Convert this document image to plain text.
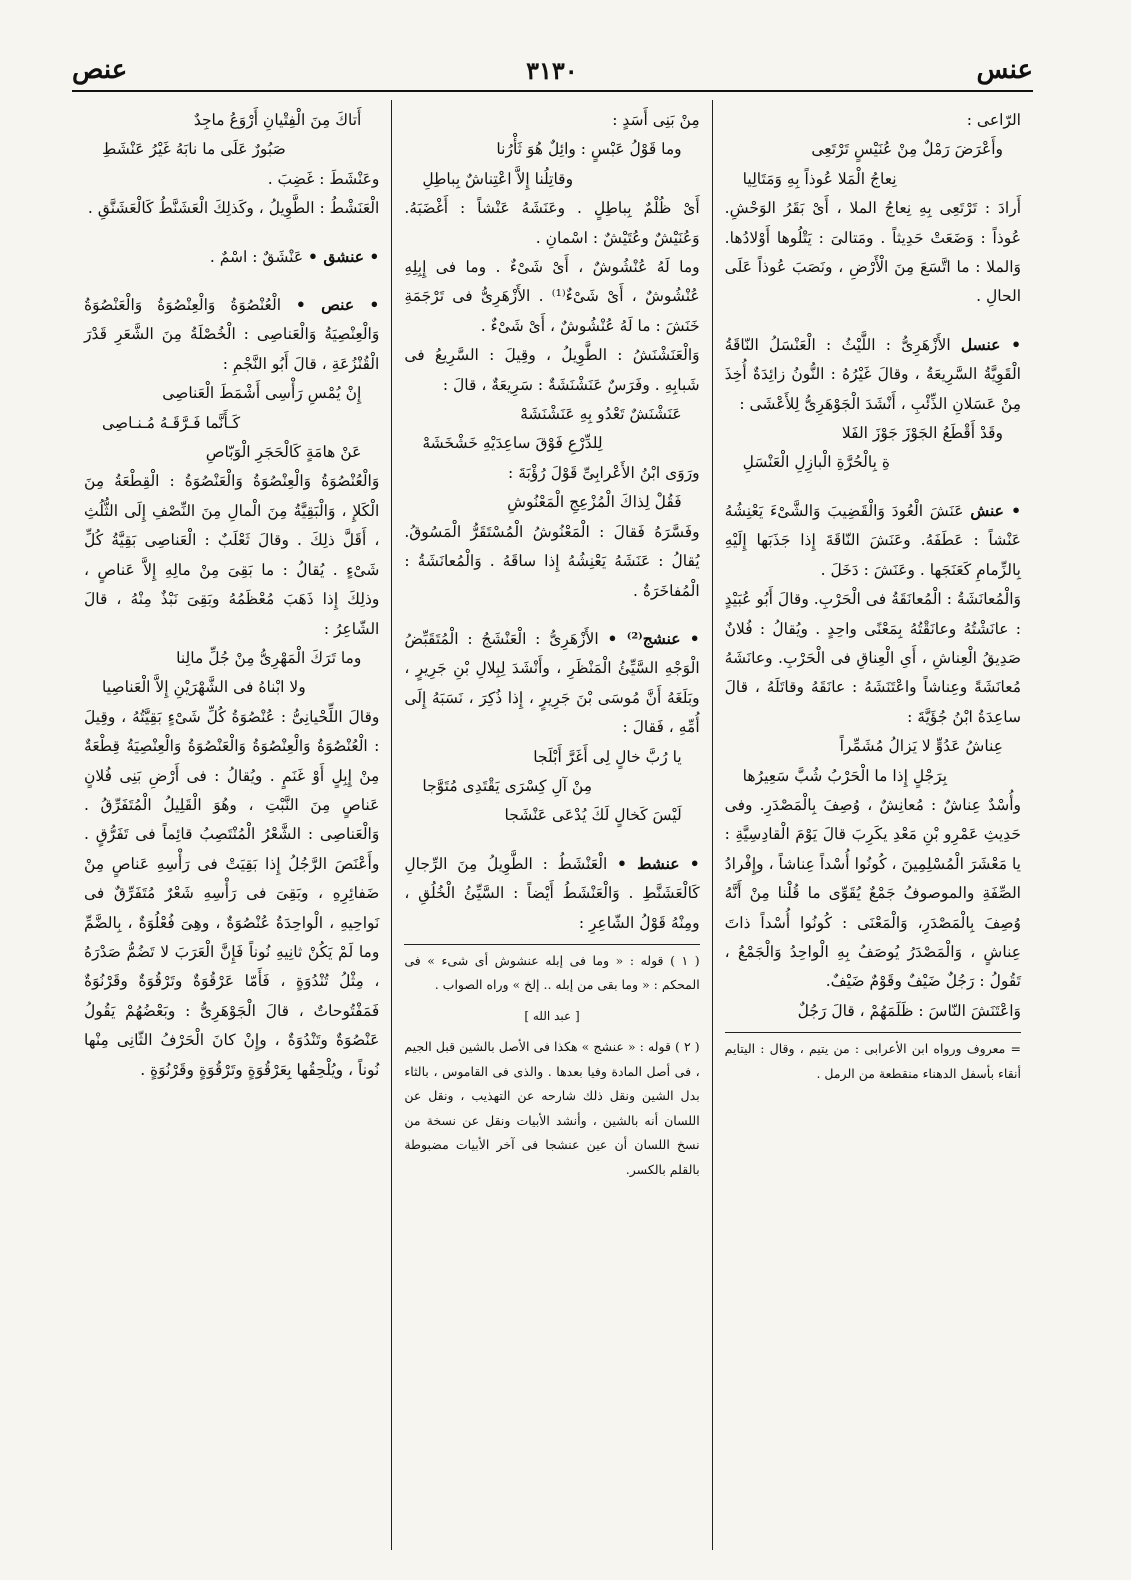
عنس
٣١٣٠
عنص

الرّاعى :

وأَعْرَضَ رَمْلٌ مِنْ عُنَيْسٍ تَرْتَعِى

نِعاجُ الْمَلا عُوذاً بِهِ وَمَتَالِيا

أَرادَ : تَرْتَعِى بِهِ نِعاجُ الملا ، أَىْ بَقَرُ الوَحْشِ. عُوذاً : وَضَعَتْ حَدِيثاً . ومَتالىَ : يَتْلُوها أَوْلادُها. وَالملا : ما اتَّسَعَ مِنَ الْأَرْضِ ، ونَصَبَ عُوذاً عَلَى الحالِ .

• عنسل الأَزْهَرِىُّ : اللَّيْثُ : الْعَنْسَلُ النّاقَةُ الْقَوِيَّةُ السَّرِيعَةُ ، وقالَ غَيْرُهُ : النُّونُ زائِدَةٌ أُخِذَ مِنْ عَسَلانِ الذِّئْبِ ، أَنْشَدَ الْجَوْهَرِىُّ لِلأَعْشَى :

وقَدْ أَقْطَعُ الجَوْزَ جَوْزَ الفَلا

ةِ بِالْحُرَّةِ الْبازِلِ الْعَنْسَلِ

• عنش عَنَشَ الْعُودَ وَالْقَضِيبَ وَالشَّىْءَ يَعْنِشُهُ عَنْشاً : عَطَفَهُ. وعَنَشَ النّاقَةَ إِذا جَذَبَها إِلَيْهِ بِالزِّمامِ كَعَنَجَها . وعَنَشَ : دَخَلَ .

وَالْمُعانَشَةُ : الْمُعانَقَةُ فى الْحَرْبِ. وقالَ أَبُو عُبَيْدٍ : عانَشْتُهُ وعانَقْتُهُ بِمَعْنًى واحِدٍ . ويُقالُ : فُلانٌ صَدِيقُ الْعِناشِ ، أَىِ الْعِناقِ فى الْحَرْبِ. وعانَشَهُ مُعانَشَةً وعِناشاً واعْتَنَشَهُ : عانَقَهُ وقاتَلَهُ ، قالَ ساعِدَةُ ابْنُ جُؤَيَّةَ :

عِناشُ عَدُوٍّ لا يَزالُ مُشَمِّراً

بِرَجْلٍ إِذا ما الْحَرْبُ شُبَّ سَعِيرُها

وأُسْدٌ عِناشٌ : مُعانِشٌ ، وُصِفَ بِالْمَصْدَرِ. وفى حَدِيثِ عَمْرِو بْنِ مَعْدِ يكَرِبَ قالَ يَوْمَ الْقادِسِيَّةِ : يا مَعْشَرَ الْمُسْلِمِينَ ، كُونُوا أُسْداً عِناشاً ، وإِفْرادُ الصِّفَةِ والموصوفُ جَمْعٌ يُقَوِّى ما قُلْنا مِنْ أَنَّهُ وُصِفَ بِالْمَصْدَرِ، وَالْمَعْنَى : كُونُوا أُسْداً ذاتَ عِناشٍ ، وَالْمَصْدَرُ يُوصَفُ بِهِ الْواحِدُ وَالْجَمْعُ ، تَقُولُ : رَجُلٌ ضَيْفٌ وقَوْمٌ ضَيْفٌ.

وَاعْتَنَشَ النّاسَ : ظَلَمَهُمْ ، قالَ رَجُلٌ

= معروف ورواه ابن الأعرابى : من يتيم ، وقال : اليتايم أنقاء بأسفل الدهناء منقطعة من الرمل .

مِنْ بَنِى أَسَدٍ :

وما قَوْلُ عَبْسٍ : وائِلٌ هُوَ ثَأْرُنا

وقاتِلُنا إِلاَّ اعْتِناشٌ بِباطِلِ

أَىْ ظُلْمٌ بِباطِلٍ . وعَنَشَهُ عَنْشاً : أَغْضَبَهُ. وَعُنَيْشٌ وعُتَيْشٌ : اسْمانِ .

وما لَهُ عُنْشُوشٌ ، أَىْ شَىْءٌ . وما فى إِبِلِهِ عُنْشُوشٌ ، أَىْ شَىْءٌ⁽¹⁾ . الأَزْهَرِىُّ فى تَرْجَمَةِ خَنَشَ : ما لَهُ عُنْشُوشٌ ، أَىْ شَىْءٌ .

وَالْعَنَشْنَشُ : الطَّوِيلُ ، وقِيلَ : السَّرِيعُ فى شَبابِهِ . وفَرَسٌ عَنَشْنَشَةٌ : سَرِيعَةٌ ، قالَ :

عَنَشْنَشٌ تَعْدُو بِهِ عَنَشْنَشَهْ

لِلدِّرْعِ فَوْقَ ساعِدَيْهِ خَشْخَشَهْ

ورَوَى ابْنُ الأَعْرابِىِّ قَوْلَ رُؤْبَةَ :

فَقُلْ لِذاكَ الْمُزْعِجِ الْمَعْنُوشِ

وفَسَّرَهُ فَقالَ : الْمَعْنُوشُ الْمُسْتَقَرُّ الْمَسُوقُ. يُقالُ : عَنَشَهُ يَعْنِشُهُ إِذا ساقَهُ . وَالْمُعانَشَةُ : الْمُفاخَرَةُ .

• عنشج⁽²⁾ • الأَزْهَرِىُّ : الْعَنْشَجُ : الْمُتَقَبِّضُ الْوَجْهِ السَّيِّئُ الْمَنْظَرِ ، وأَنْشَدَ لِبِلالِ بْنِ جَرِيرٍ ، وبَلَغَهُ أَنَّ مُوسَى بْنَ جَرِيرٍ ، إِذا ذُكِرَ ، نَسَبَهُ إِلَى أُمِّهِ ، فَقالَ :

يا رُبَّ خالٍ لِى أَغَرَّ أَبْلَجا

مِنْ آلِ كِسْرَى يَقْتَدِى مُتَوَّجا

لَيْسَ كَخالٍ لَكَ يُدْعَى عَنْشَجا

• عنشط • الْعَنْشَطُ : الطَّوِيلُ مِنَ الرِّجالِ كَالْعَشَنَّطِ . وَالْعَنْشَطُ أَيْضاً : السَّيِّئُ الْخُلُقِ ، ومِنْهُ قَوْلُ الشّاعِرِ :

( ١ ) قوله : « وما فى إبله عنشوش أى شىء » فى المحكم : « وما بقى من إبله .. إلخ » وراه الصواب .
[ عبد الله ]
( ٢ ) قوله : « عنشج » هكذا فى الأصل بالشين قبل الجيم ، فى أصل المادة وفيا بعدها . والذى فى القاموس ، بالثاء بدل الشين ونقل ذلك شارحه عن التهذيب ، ونقل عن اللسان أنه بالشين ، وأنشد الأبيات ونقل عن نسخة من نسخ اللسان أن عين عنشجا فى آخر الأبيات مضبوطة بالقلم بالكسر.

أَتاكَ مِنَ الْفِتْيانِ أَرْوَعُ ماجِدٌ

صَبُورٌ عَلَى ما نابَهُ غَيْرُ عَنْشَطِ

وعَنْشَطَ : غَضِبَ .

الْعَنَشْطُ : الطَّوِيلُ ، وكَذلِكَ الْعَشَنَّطُ كَالْعَشَنَّقِ .

• عنشق • عَنْشَقٌ : اسْمٌ .

• عنص • الْعُنْصُوَةُ وَالْعِنْصُوَةُ وَالْعَنْصُوَةُ وَالْعِنْصِيَةُ وَالْعَناصِى : الْخُصْلَةُ مِنَ الشَّعَرِ قَدْرَ الْقُنْزُعَةِ ، قالَ أَبُو النَّجْمِ :

إِنْ يُمْسِ رَأْسِى أَشْمَطَ الْعَناصِى

كَـأَنَّما فَـرَّقَـهُ مُـنـاصِى

عَنْ هامَةٍ كَالْحَجَرِ الْوَبّاصِ

وَالْعُنْصُوَةُ وَالْعِنْصُوَةُ وَالْعَنْصُوَةُ : الْقِطْعَةُ مِنَ الْكَلإِ ، وَالْبَقِيَّةُ مِنَ الْمالِ مِنَ النِّصْفِ إِلَى الثُّلُثِ ، أَقَلَّ ذلِكَ . وقالَ ثَعْلَبٌ : الْعَناصِى بَقِيَّةُ كُلِّ شَىْءٍ . يُقالُ : ما بَقِىَ مِنْ مالِهِ إِلاَّ عَناصٍ ، وذلِكَ إِذا ذَهَبَ مُعْظَمُهُ وبَقِىَ نَبْذٌ مِنْهُ ، قالَ الشّاعِرُ :

وما تَرَكَ الْمَهْرِىُّ مِنْ جُلِّ مالِنا

ولا ابْناهُ فى الشَّهْرَيْنِ إِلاَّ الْعَناصِيا

وقالَ اللِّحْيانِىُّ : عُنْصُوَةُ كُلِّ شَىْءٍ بَقِيَّتُهُ ، وقِيلَ : الْعُنْصُوَةُ وَالْعِنْصُوَةُ وَالْعَنْصُوَةُ وَالْعِنْصِيَةُ قِطْعَةٌ مِنْ إِبِلٍ أَوْ غَنَمٍ . ويُقالُ : فى أَرْضِ بَنِى فُلانٍ عَناصٍ مِنَ النَّبْتِ ، وهُوَ الْقَلِيلُ الْمُتَفَرِّقُ . وَالْعَناصِى : الشَّعْرُ الْمُنْتَصِبُ قائِماً فى تَفَرُّقٍ . وأَعْنَصَ الرَّجُلُ إِذا بَقِيَتْ فى رَأْسِهِ عَناصٍ مِنْ ضَفائِرِهِ ، وبَقِىَ فى رَأْسِهِ شَعْرٌ مُتَفَرِّقٌ فى نَواحِيهِ ، الْواحِدَةُ عُنْصُوَةٌ ، وهِىَ فُعْلُوَةٌ ، بِالضَّمِّ وما لَمْ يَكُنْ ثانِيهِ نُوناً فَإِنَّ الْعَرَبَ لا تَضُمُّ صَدْرَهُ ، مِثْلُ تُنْدُوَةٍ ، فَأَمّا عَرْقُوَةٌ وتَرْقُوَةٌ وقَرْنُوَةٌ فَمَفْتُوحاتٌ ، قالَ الْجَوْهَرِىُّ : وبَعْضُهُمْ يَقُولُ عَنْصُوَةٌ وتَنْدُوَةٌ ، وإِنْ كانَ الْحَرْفُ الثّانِى مِنْها نُوناً ، ويُلْحِقُها بِعَرْقُوَةٍ وتَرْقُوَةٍ وقَرْنُوَةٍ .
